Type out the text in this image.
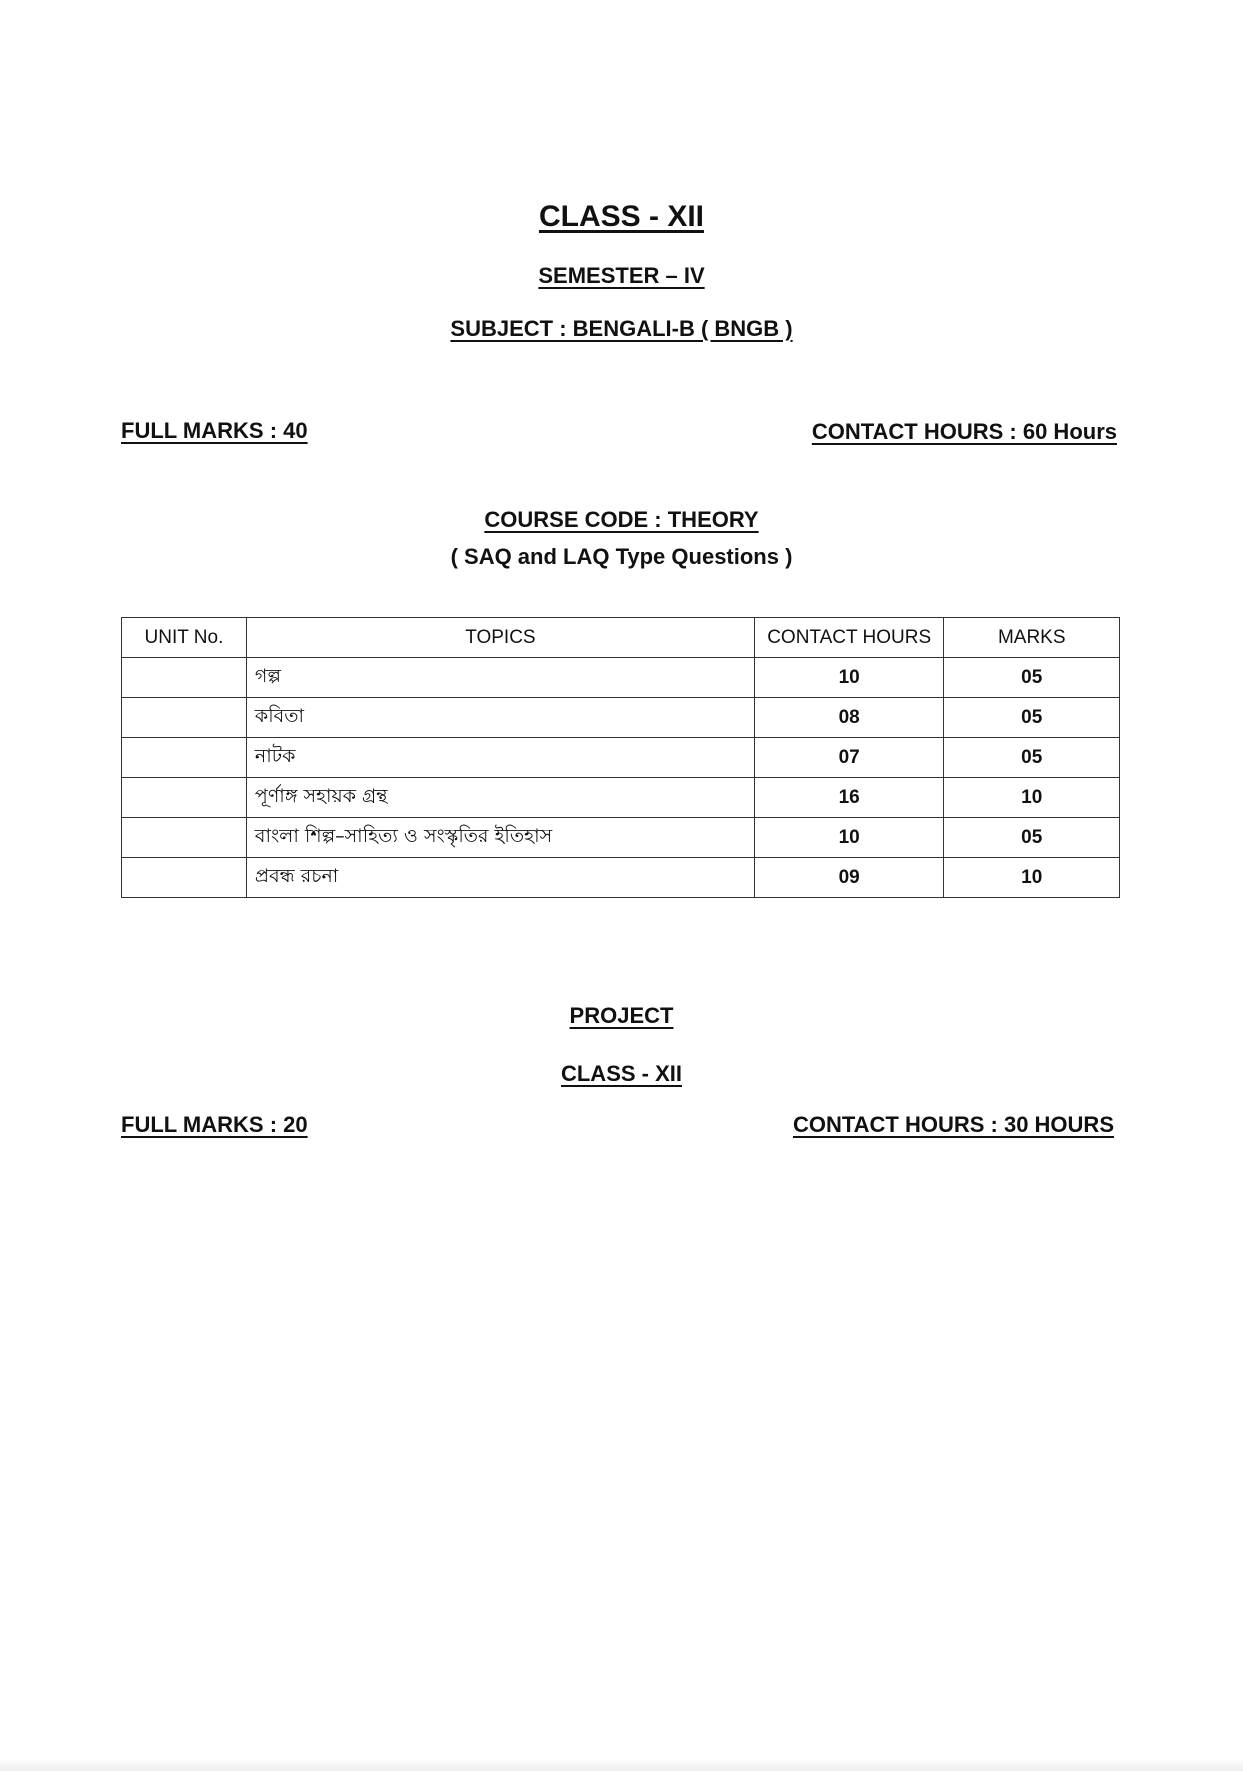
CLASS - XII
SEMESTER – IV
SUBJECT : BENGALI-B ( BNGB )
FULL MARKS : 40	CONTACT HOURS : 60 Hours
COURSE CODE : THEORY
( SAQ and LAQ Type Questions )
UNIT No.	TOPICS	CONTACT HOURS	MARKS
	গল্প	10	05
	কবিতা	08	05
	নাটক	07	05
	পূর্ণাঙ্গ সহায়ক গ্রন্থ	16	10
	বাংলা শিল্প–সাহিত্য ও সংস্কৃতির ইতিহাস	10	05
	প্রবন্ধ রচনা	09	10
PROJECT
CLASS - XII
FULL MARKS : 20	CONTACT HOURS : 30 HOURS
